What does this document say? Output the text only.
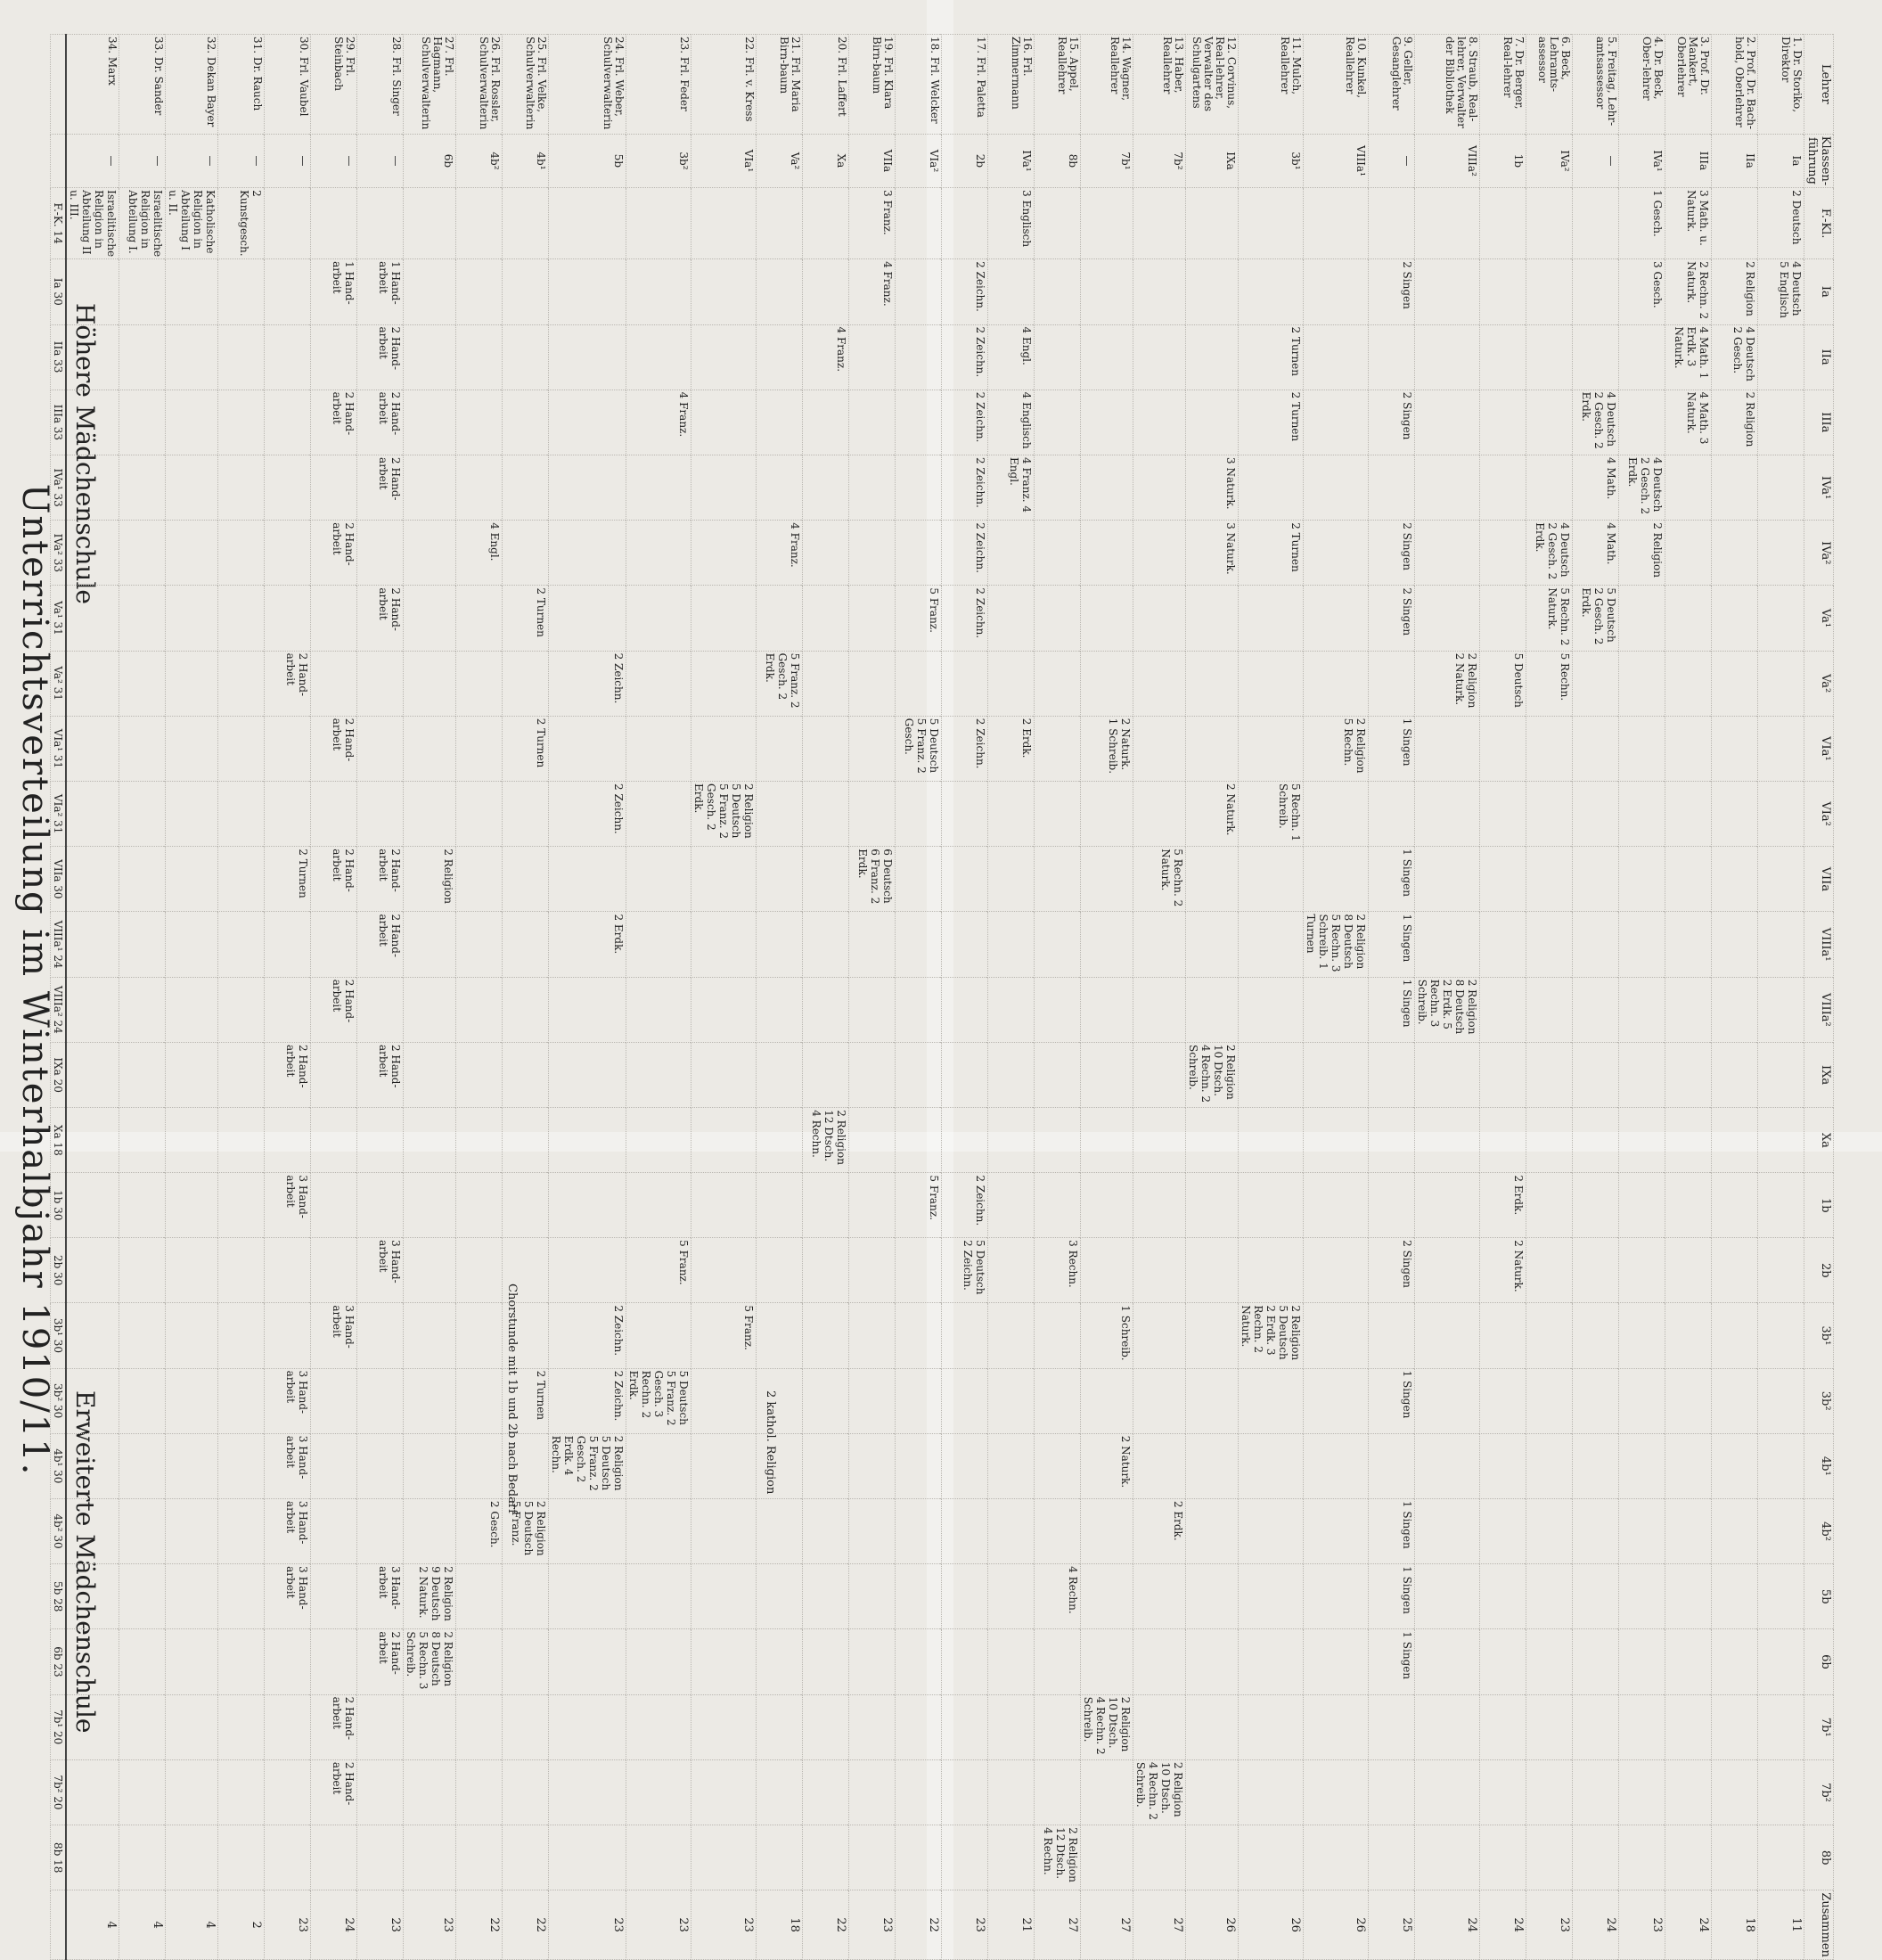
Unterrichtsverteilung im Winterhalbjahr 1910/11.
Höhere Mädchenschule
Erweiterte Mädchenschule
Lehrer	Klassen-führung	F.-Kl.	Ia	IIa	IIIa	IVa¹	IVa²	Va¹	Va²	VIa¹	VIa²	VIIa	VIIIa¹	VIIIa²	IXa	Xa	1b	2b	3b¹	3b²	4b¹	4b²	5b	6b	7b¹	7b²	8b	Zusammen
1. Dr. Storiko, Direktor	Ia	2 Deutsch	4 Deutsch 5 Englisch																									11
2. Prof. Dr. Bach-hold, Oberlehrer	IIa		2 Religion	4 Deutsch 2 Gesch.	2 Religion																							18
3. Prof. Dr. Mankert, Oberlehrer	IIIa	3 Math. u. Naturk.	2 Rechn. 2 Naturk.	4 Math. 1 Erdk. 3 Naturk.	4 Math. 3 Naturk.																							24
4. Dr. Beck, Ober-lehrer	IVa¹	1 Gesch.	3 Gesch.			4 Deutsch 2 Gesch. 2 Erdk.	2 Religion																					23
5. Freitag, Lehr-amtsassessor	—				4 Deutsch 2 Gesch. 2 Erdk.	4 Math.	4 Math.	5 Deutsch 2 Gesch. 2 Erdk.																				24
6. Beck, Lehramts-assessor	IVa²						4 Deutsch 2 Gesch. 2 Erdk.	5 Rechn. 2 Naturk.	5 Rechn.																			23
7. Dr. Berger, Real-lehrer	1b								5 Deutsch								2 Erdk.	2 Naturk.										24
8. Straub, Real-lehrer, Verwalter der Bibliothek	VIIIa²								2 Religion 2 Naturk.					2 Religion 8 Deutsch 2 Erdk. 5 Rechn. 3 Schreib.														24
9. Geller, Gesanglehrer	—		2 Singen		2 Singen		2 Singen	2 Singen		1 Singen		1 Singen	1 Singen	1 Singen				2 Singen		1 Singen		1 Singen	1 Singen	1 Singen				25
10. Kunkel, Reallehrer	VIIIa¹									2 Religion 5 Rechn.			2 Religion 8 Deutsch 5 Rechn. 3 Schreib. 1 Turnen															26
11. Mulch, Reallehrer	3b¹			2 Turnen	2 Turnen		2 Turnen				5 Rechn. 1 Schreib.								2 Religion 5 Deutsch 2 Erdk. 3 Rechn. 2 Naturk.									26
12. Corvinus, Real-lehrer, Verwalter des Schulgartens	IXa					3 Naturk.	3 Naturk.				2 Naturk.				2 Religion 10 Dtsch. 4 Rechn. 2 Schreib.													26
13. Haber, Reallehrer	7b²											5 Rechn. 2 Naturk.										2 Erdk.				2 Religion 10 Dtsch. 4 Rechn. 2 Schreib.		27
14. Wagner, Reallehrer	7b¹									2 Naturk. 1 Schreib.									1 Schreib.		2 Naturk.				2 Religion 10 Dtsch. 4 Rechn. 2 Schreib.			27
15. Appel, Reallehrer	8b																	3 Rechn.					4 Rechn.				2 Religion 12 Dtsch. 4 Rechn.	27
16. Frl. Zimmermann	IVa¹	3 Englisch		4 Engl.	4 Englisch	4 Franz. 4 Engl.				2 Erdk.																		21
17. Frl. Paletta	2b		2 Zeichn.	2 Zeichn.	2 Zeichn.	2 Zeichn.	2 Zeichn.	2 Zeichn.		2 Zeichn.							2 Zeichn.	5 Deutsch 2 Zeichn.										23
18. Frl. Welcker	VIa²							5 Franz.		5 Deutsch 5 Franz. 2 Gesch.							5 Franz.											22
19. Frl. Klara Birn-baum	VIIa	3 Franz.	4 Franz.									6 Deutsch 6 Franz. 2 Erdk.																23
20. Frl. Laffert	Xa			4 Franz.												2 Religion 12 Dtsch. 4 Rechn.												22
21. Frl. Maria Birn-baum	Va²						4 Franz.		5 Franz. 2 Gesch. 2 Erdk.																			18
22. Frl. v. Kress	VIa¹										2 Religion 5 Deutsch 5 Franz. 2 Gesch. 2 Erdk.								5 Franz.									23
23. Frl. Feder	3b²				4 Franz.													5 Franz.		5 Deutsch 5 Franz. 2 Gesch. 3 Rechn. 2 Erdk.								23
24. Frl. Weber, Schulverwalterin	5b								2 Zeichn.		2 Zeichn.		2 Erdk.						2 Zeichn.	2 Zeichn.	2 Religion 5 Deutsch 5 Franz. 2 Gesch. 2 Erdk. 4 Rechn.							23
25. Frl. Velke, Schulverwalterin	4b¹							2 Turnen		2 Turnen										2 Turnen		2 Religion 5 Deutsch 5 Franz.						22
26. Frl. Rossler, Schulverwalterin	4b²						4 Engl.															2 Gesch.						22
27. Frl. Hagmann, Schulverwalterin	6b											2 Religion											2 Religion 9 Deutsch 2 Naturk.	2 Religion 8 Deutsch 5 Rechn. 3 Schreib.				23
28. Frl. Singer	—		1 Hand-arbeit	2 Hand-arbeit	2 Hand-arbeit	2 Hand-arbeit		2 Hand-arbeit				2 Hand-arbeit	2 Hand-arbeit		2 Hand-arbeit			3 Hand-arbeit					3 Hand-arbeit	2 Hand-arbeit				23
29. Frl. Steinbach	—		1 Hand-arbeit		2 Hand-arbeit		2 Hand-arbeit			2 Hand-arbeit		2 Hand-arbeit		2 Hand-arbeit					3 Hand-arbeit						2 Hand-arbeit	2 Hand-arbeit		24
30. Frl. Vaubel	—								2 Hand-arbeit			2 Turnen			2 Hand-arbeit		3 Hand-arbeit			3 Hand-arbeit	3 Hand-arbeit	3 Hand-arbeit	3 Hand-arbeit					23
31. Dr. Rauch	—	2 Kunstgesch.																										2
32. Dekan Bayer	—	Katholische Religion in Abteilung I u. II.																										4
33. Dr. Sander	—	Israelitische Religion in Abteilung I.																										4
34. Marx	—	Israelitische Religion in Abteilung II u. III.																										4
		F.-K. 14	Ia 30	IIa 33	IIIa 33	IVa¹ 33	IVa² 33	Va¹ 31	Va² 31	VIa¹ 31	VIa² 31	VIIa 30	VIIIa¹ 24	VIIIa² 24	IXa 20	Xa 18	1b 30	2b 30	3b¹ 30	3b² 30	4b¹ 30	4b² 30	5b 28	6b 23	7b¹ 20	7b² 20	8b 18	
Chorstunde mit 1b und 2b nach Bedarf	2 kathol. Religion
